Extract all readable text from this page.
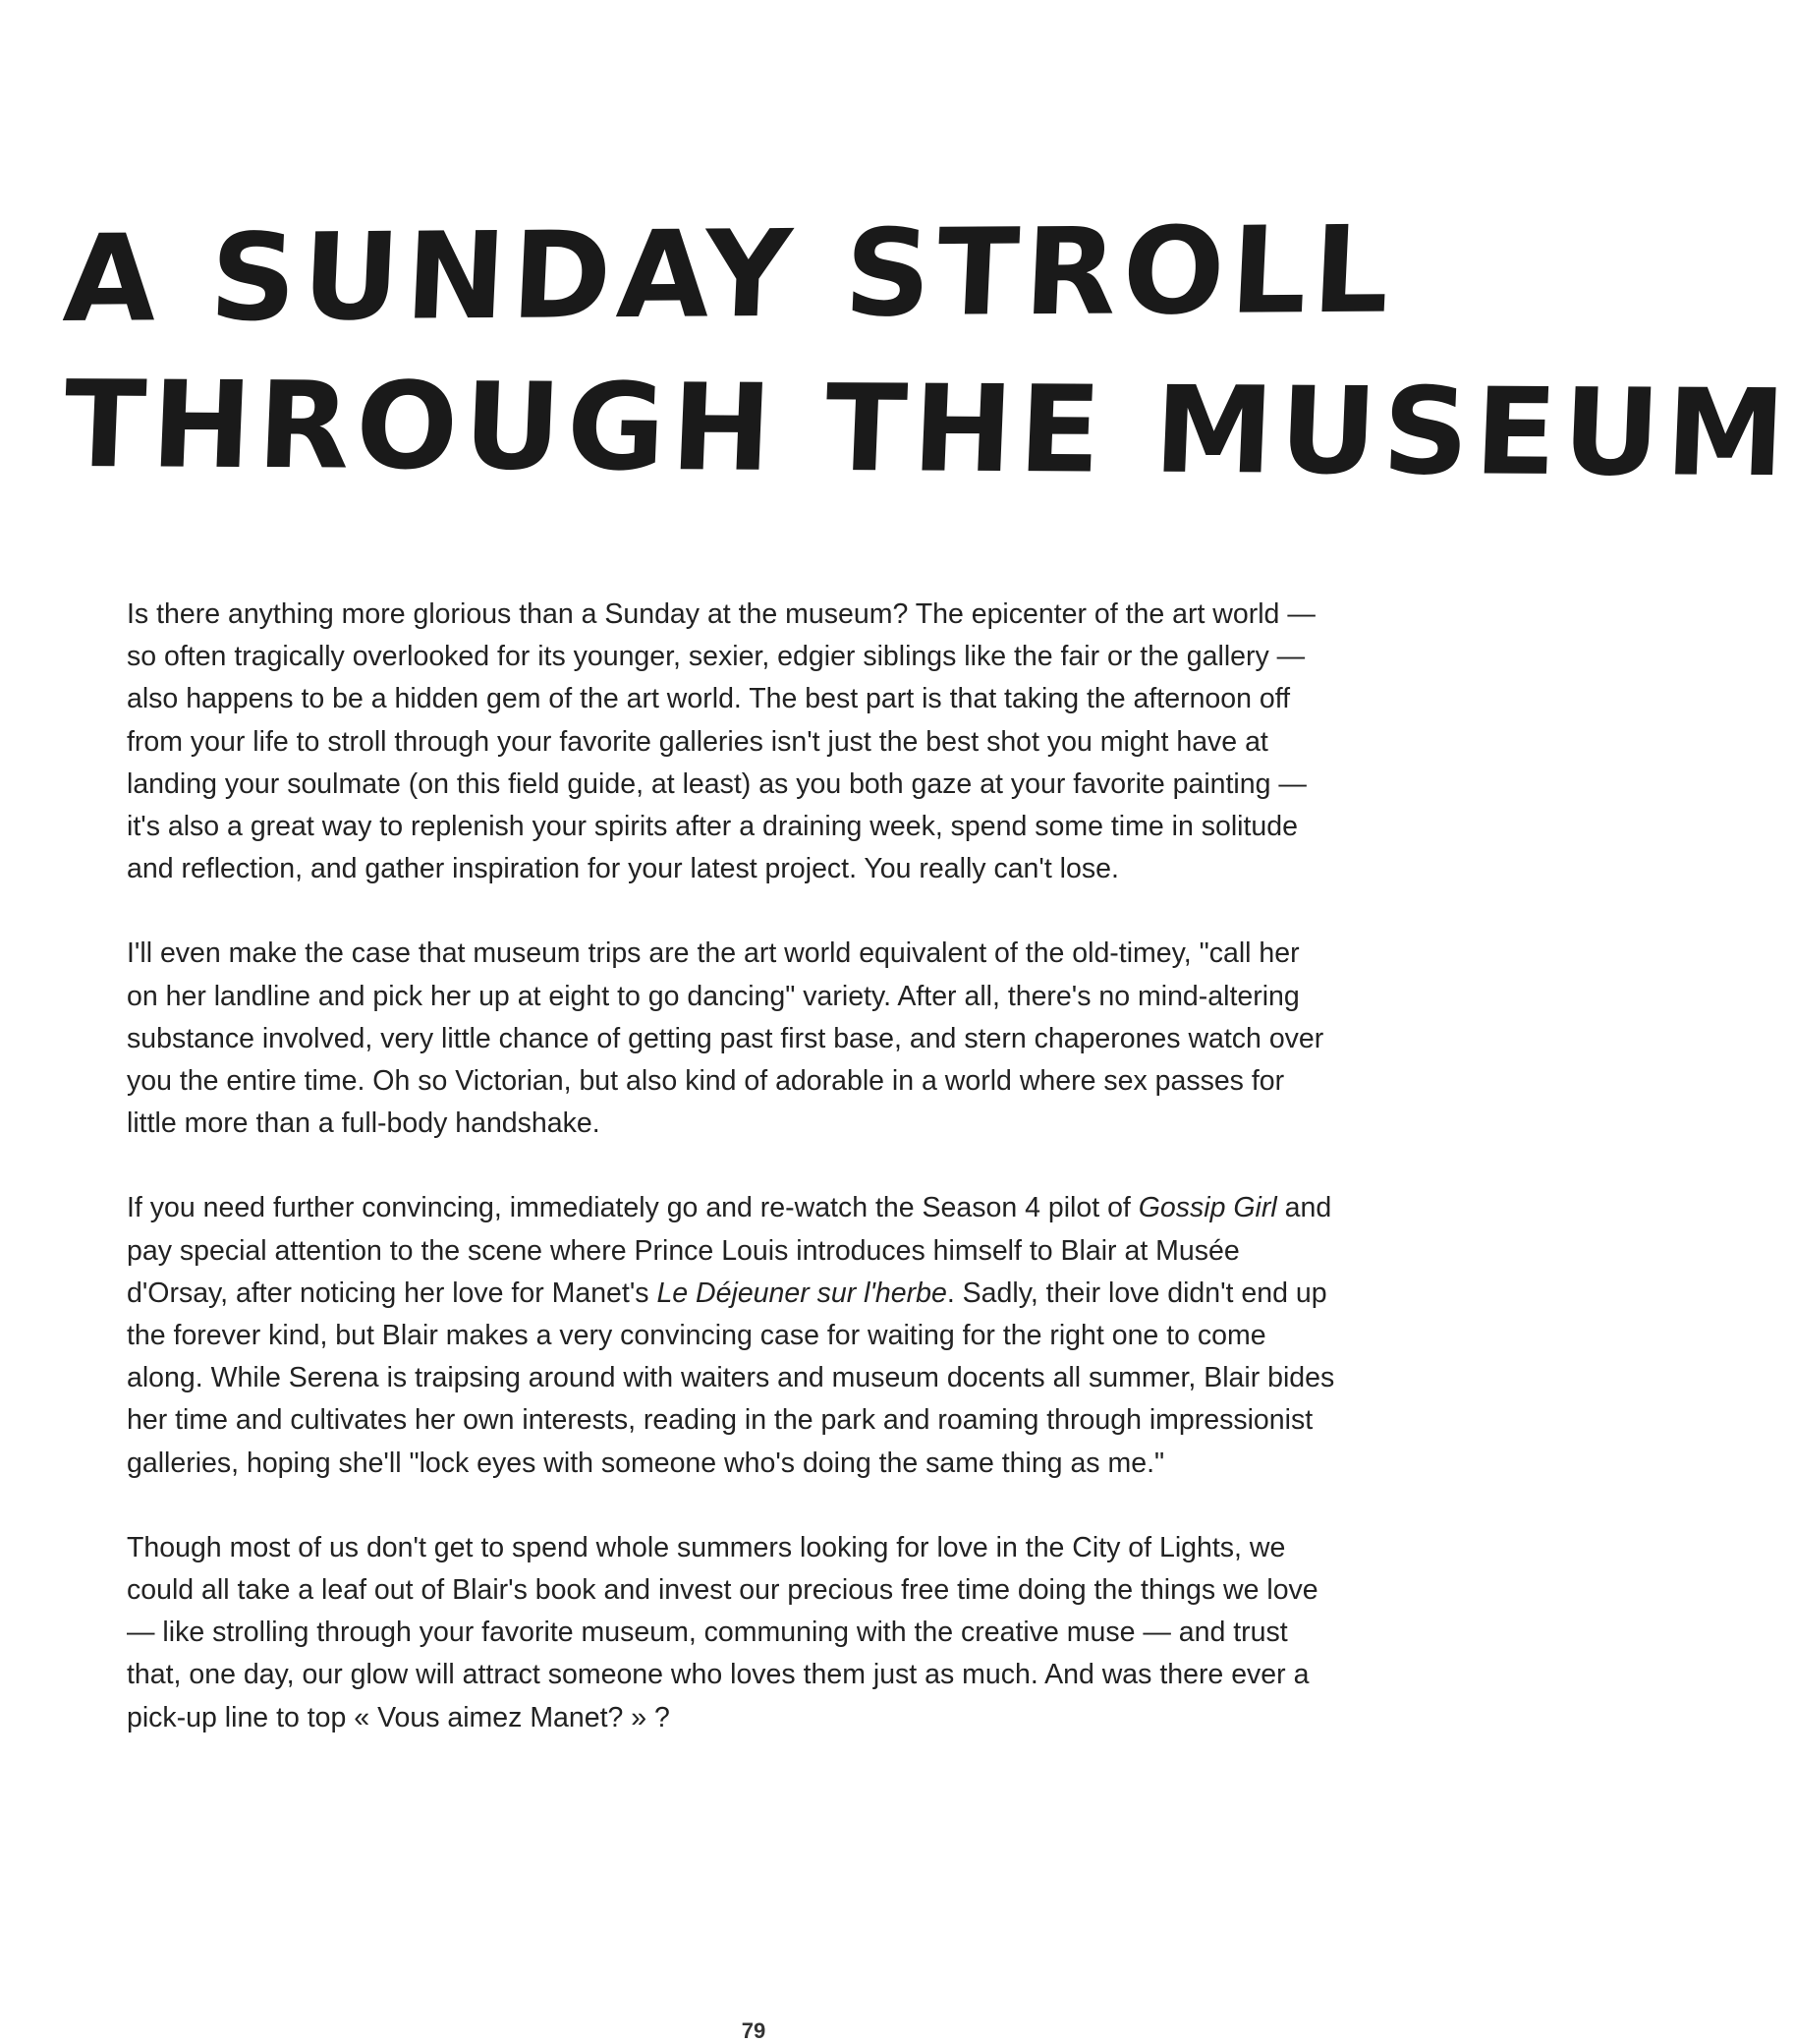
A SUNDAY STROLL
THROUGH THE MUSEUM

Is there anything more glorious than a Sunday at the museum? The epicenter of the art world — so often tragically overlooked for its younger, sexier, edgier siblings like the fair or the gallery — also happens to be a hidden gem of the art world. The best part is that taking the afternoon off from your life to stroll through your favorite galleries isn't just the best shot you might have at landing your soulmate (on this field guide, at least) as you both gaze at your favorite painting — it's also a great way to replenish your spirits after a draining week, spend some time in solitude and reflection, and gather inspiration for your latest project. You really can't lose.

I'll even make the case that museum trips are the art world equivalent of the old-timey, "call her on her landline and pick her up at eight to go dancing" variety. After all, there's no mind-altering substance involved, very little chance of getting past first base, and stern chaperones watch over you the entire time. Oh so Victorian, but also kind of adorable in a world where sex passes for little more than a full-body handshake.

If you need further convincing, immediately go and re-watch the Season 4 pilot of Gossip Girl and pay special attention to the scene where Prince Louis introduces himself to Blair at Musée d'Orsay, after noticing her love for Manet's Le Déjeuner sur l'herbe. Sadly, their love didn't end up the forever kind, but Blair makes a very convincing case for waiting for the right one to come along. While Serena is traipsing around with waiters and museum docents all summer, Blair bides her time and cultivates her own interests, reading in the park and roaming through impressionist galleries, hoping she'll "lock eyes with someone who's doing the same thing as me."

Though most of us don't get to spend whole summers looking for love in the City of Lights, we could all take a leaf out of Blair's book and invest our precious free time doing the things we love — like strolling through your favorite museum, communing with the creative muse — and trust that, one day, our glow will attract someone who loves them just as much. And was there ever a pick-up line to top « Vous aimez Manet? » ?

79
